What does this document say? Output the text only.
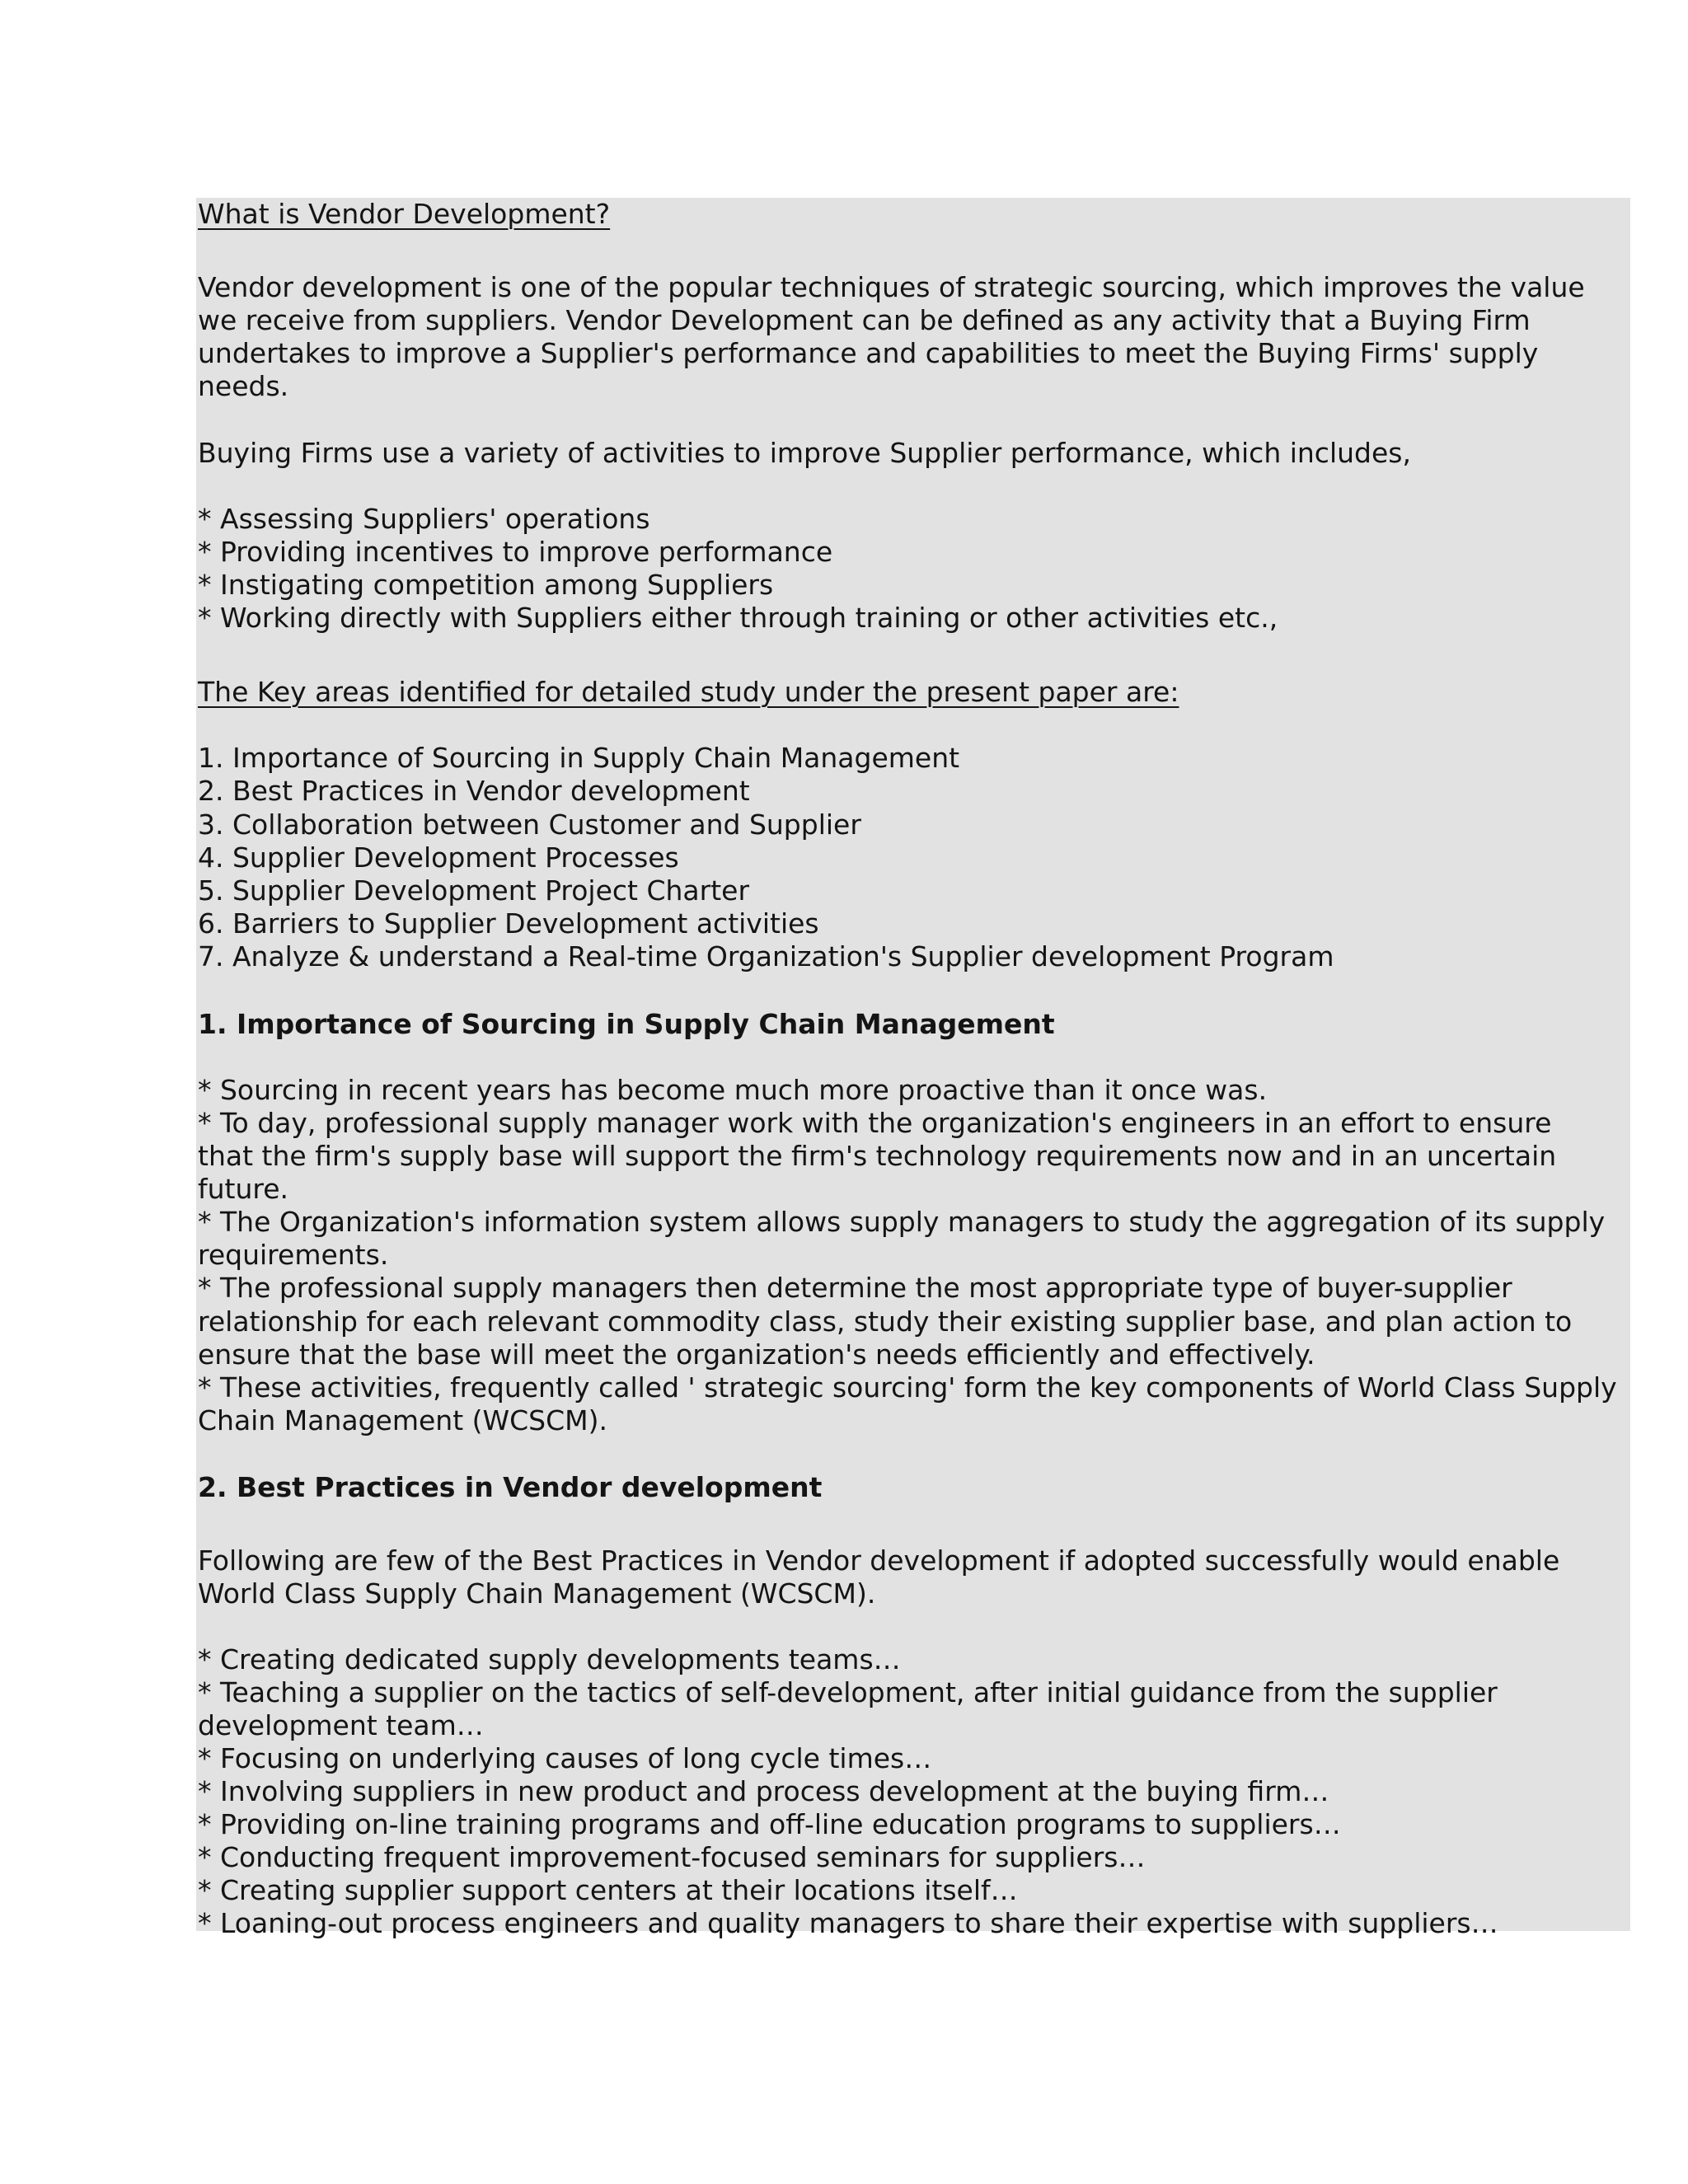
What is Vendor Development?

Vendor development is one of the popular techniques of strategic sourcing, which improves the value

we receive from suppliers. Vendor Development can be defined as any activity that a Buying Firm

undertakes to improve a Supplier's performance and capabilities to meet the Buying Firms' supply

needs.

Buying Firms use a variety of activities to improve Supplier performance, which includes,

* Assessing Suppliers' operations

* Providing incentives to improve performance

* Instigating competition among Suppliers

* Working directly with Suppliers either through training or other activities etc.,

The Key areas identified for detailed study under the present paper are:

1. Importance of Sourcing in Supply Chain Management

2. Best Practices in Vendor development

3. Collaboration between Customer and Supplier

4. Supplier Development Processes

5. Supplier Development Project Charter

6. Barriers to Supplier Development activities

7. Analyze & understand a Real-time Organization's Supplier development Program

1. Importance of Sourcing in Supply Chain Management

* Sourcing in recent years has become much more proactive than it once was.

* To day, professional supply manager work with the organization's engineers in an effort to ensure

that the firm's supply base will support the firm's technology requirements now and in an uncertain

future.

* The Organization's information system allows supply managers to study the aggregation of its supply

requirements.

* The professional supply managers then determine the most appropriate type of buyer-supplier

relationship for each relevant commodity class, study their existing supplier base, and plan action to

ensure that the base will meet the organization's needs efficiently and effectively.

* These activities, frequently called ' strategic sourcing' form the key components of World Class Supply

Chain Management (WCSCM).

2. Best Practices in Vendor development

Following are few of the Best Practices in Vendor development if adopted successfully would enable

World Class Supply Chain Management (WCSCM).

* Creating dedicated supply developments teams…

* Teaching a supplier on the tactics of self-development, after initial guidance from the supplier

development team…

* Focusing on underlying causes of long cycle times…

* Involving suppliers in new product and process development at the buying firm…

* Providing on-line training programs and off-line education programs to suppliers…

* Conducting frequent improvement-focused seminars for suppliers…

* Creating supplier support centers at their locations itself…

* Loaning-out process engineers and quality managers to share their expertise with suppliers…
